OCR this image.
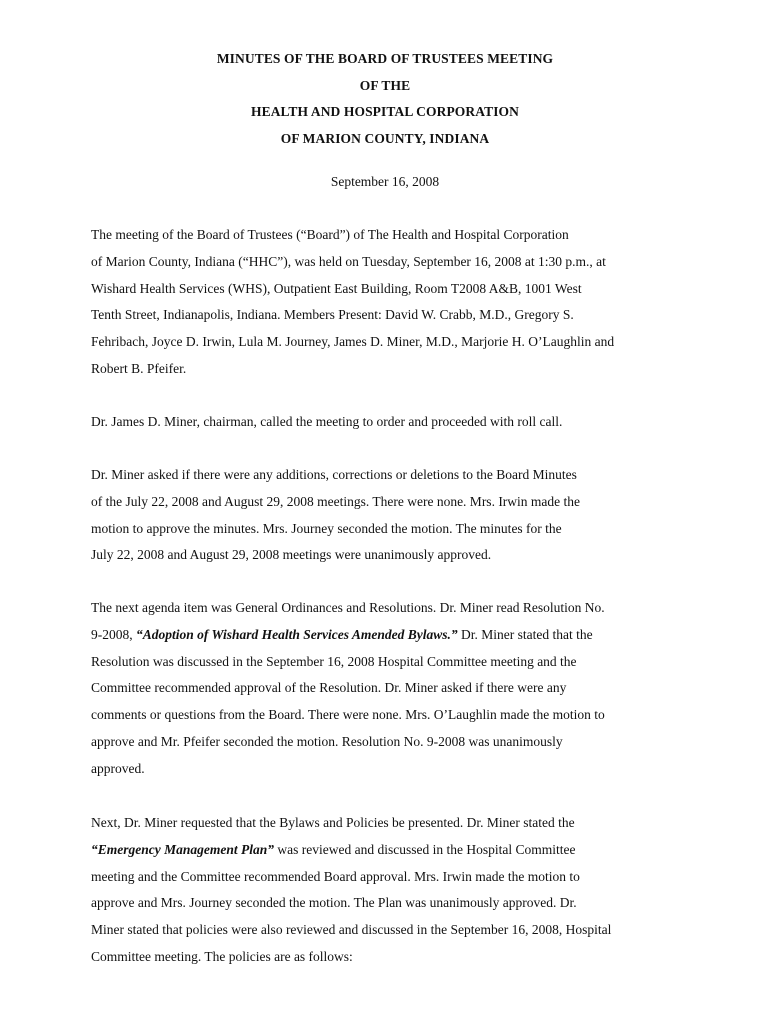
MINUTES OF THE BOARD OF TRUSTEES MEETING
OF THE
HEALTH AND HOSPITAL CORPORATION
OF MARION COUNTY, INDIANA
September 16, 2008
The meeting of the Board of Trustees (“Board”) of The Health and Hospital Corporation
of Marion County, Indiana (“HHC”), was held on Tuesday, September 16, 2008 at 1:30 p.m., at
Wishard Health Services (WHS), Outpatient East Building, Room T2008 A&B, 1001 West
Tenth Street, Indianapolis, Indiana. Members Present: David W. Crabb, M.D., Gregory S.
Fehribach, Joyce D. Irwin, Lula M. Journey, James D. Miner, M.D., Marjorie H. O’Laughlin and
Robert B. Pfeifer.
Dr. James D. Miner, chairman, called the meeting to order and proceeded with roll call.
Dr. Miner asked if there were any additions, corrections or deletions to the Board Minutes
of the July 22, 2008 and August 29, 2008 meetings. There were none. Mrs. Irwin made the
motion to approve the minutes. Mrs. Journey seconded the motion. The minutes for the
July 22, 2008 and August 29, 2008 meetings were unanimously approved.
The next agenda item was General Ordinances and Resolutions. Dr. Miner read Resolution No.
9-2008, “Adoption of Wishard Health Services Amended Bylaws.” Dr. Miner stated that the
Resolution was discussed in the September 16, 2008 Hospital Committee meeting and the
Committee recommended approval of the Resolution. Dr. Miner asked if there were any
comments or questions from the Board. There were none. Mrs. O’Laughlin made the motion to
approve and Mr. Pfeifer seconded the motion. Resolution No. 9-2008 was unanimously
approved.
Next, Dr. Miner requested that the Bylaws and Policies be presented. Dr. Miner stated the
“Emergency Management Plan” was reviewed and discussed in the Hospital Committee
meeting and the Committee recommended Board approval. Mrs. Irwin made the motion to
approve and Mrs. Journey seconded the motion. The Plan was unanimously approved. Dr.
Miner stated that policies were also reviewed and discussed in the September 16, 2008, Hospital
Committee meeting. The policies are as follows:
